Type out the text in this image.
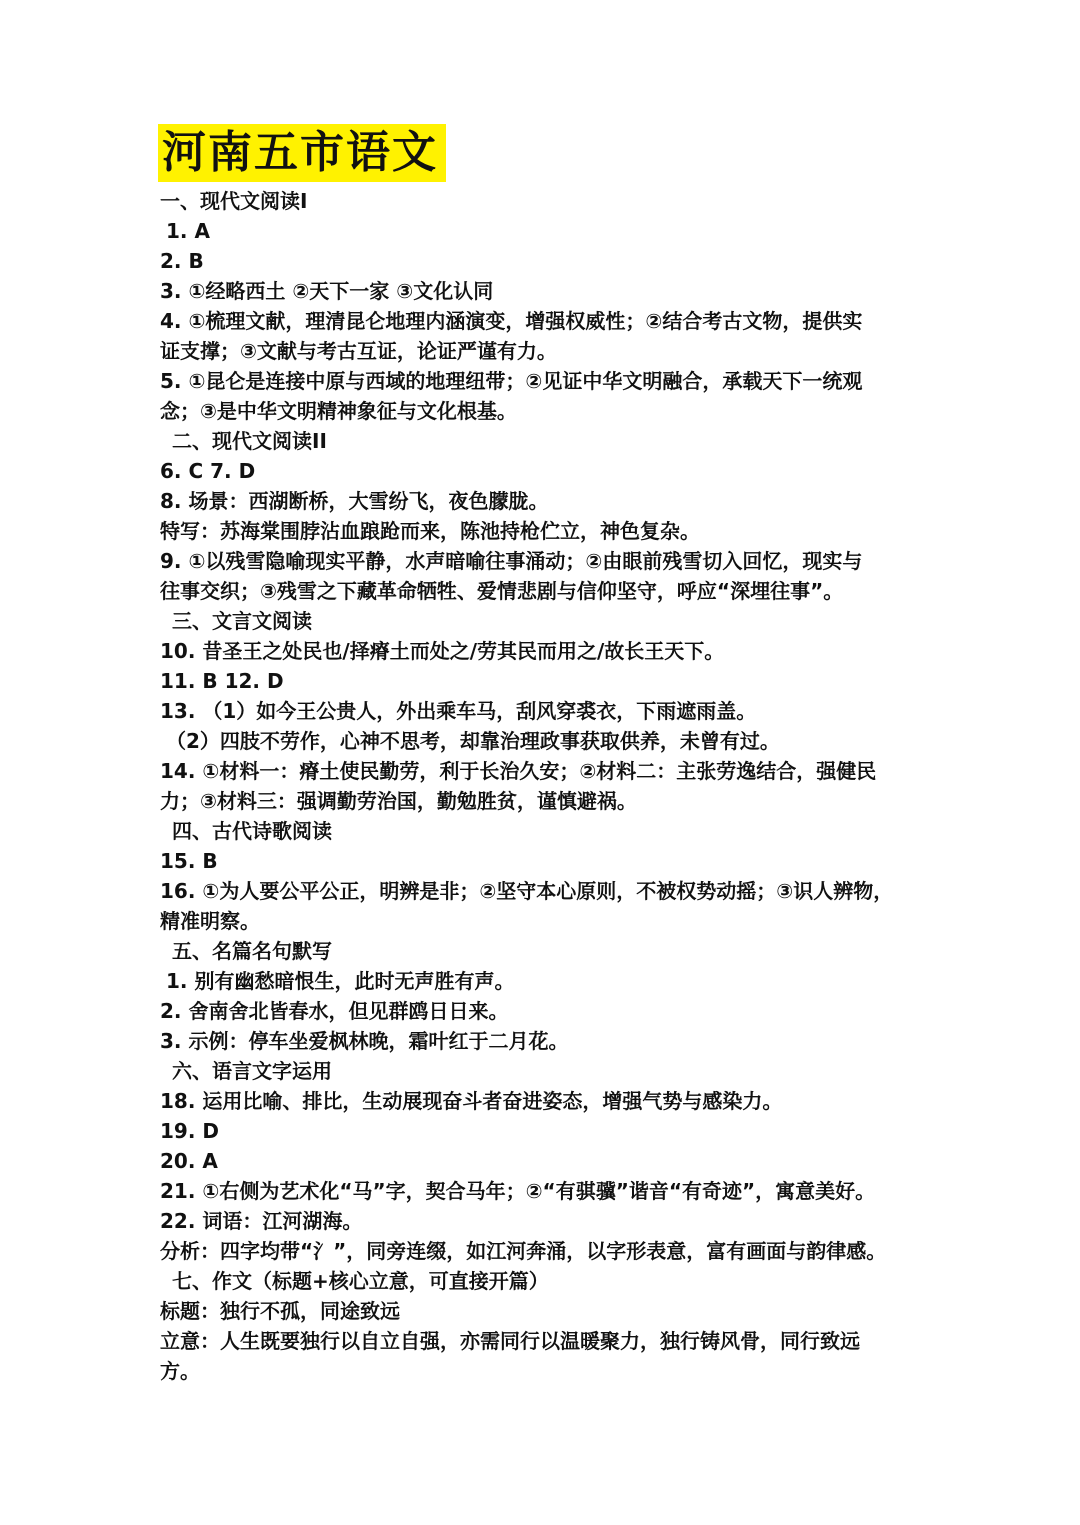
河南五市语文
一、现代文阅读I
1. A
2. B
3. ①经略西土 ②天下一家 ③文化认同
4. ①梳理文献，理清昆仑地理内涵演变，增强权威性；②结合考古文物，提供实
证支撑；③文献与考古互证，论证严谨有力。
5. ①昆仑是连接中原与西域的地理纽带；②见证中华文明融合，承载天下一统观
念；③是中华文明精神象征与文化根基。
二、现代文阅读II
6. C 7. D
8. 场景：西湖断桥，大雪纷飞，夜色朦胧。
特写：苏海棠围脖沾血踉跄而来，陈池持枪伫立，神色复杂。
9. ①以残雪隐喻现实平静，水声暗喻往事涌动；②由眼前残雪切入回忆，现实与
往事交织；③残雪之下藏革命牺牲、爱情悲剧与信仰坚守，呼应“深埋往事”。
三、文言文阅读
10. 昔圣王之处民也/择瘠土而处之/劳其民而用之/故长王天下。
11. B 12. D
13. （1）如今王公贵人，外出乘车马，刮风穿裘衣，下雨遮雨盖。
（2）四肢不劳作，心神不思考，却靠治理政事获取供养，未曾有过。
14. ①材料一：瘠土使民勤劳，利于长治久安；②材料二：主张劳逸结合，强健民
力；③材料三：强调勤劳治国，勤勉胜贫，谨慎避祸。
四、古代诗歌阅读
15. B
16. ①为人要公平公正，明辨是非；②坚守本心原则，不被权势动摇；③识人辨物，
精准明察。
五、名篇名句默写
1. 别有幽愁暗恨生，此时无声胜有声。
2. 舍南舍北皆春水，但见群鸥日日来。
3. 示例：停车坐爱枫林晚，霜叶红于二月花。
六、语言文字运用
18. 运用比喻、排比，生动展现奋斗者奋进姿态，增强气势与感染力。
19. D
20. A
21. ①右侧为艺术化“马”字，契合马年；②“有骐骥”谐音“有奇迹”，寓意美好。
22. 词语：江河湖海。
分析：四字均带“氵”，同旁连缀，如江河奔涌，以字形表意，富有画面与韵律感。
七、作文（标题+核心立意，可直接开篇）
标题：独行不孤，同途致远
立意：人生既要独行以自立自强，亦需同行以温暖聚力，独行铸风骨，同行致远
方。
